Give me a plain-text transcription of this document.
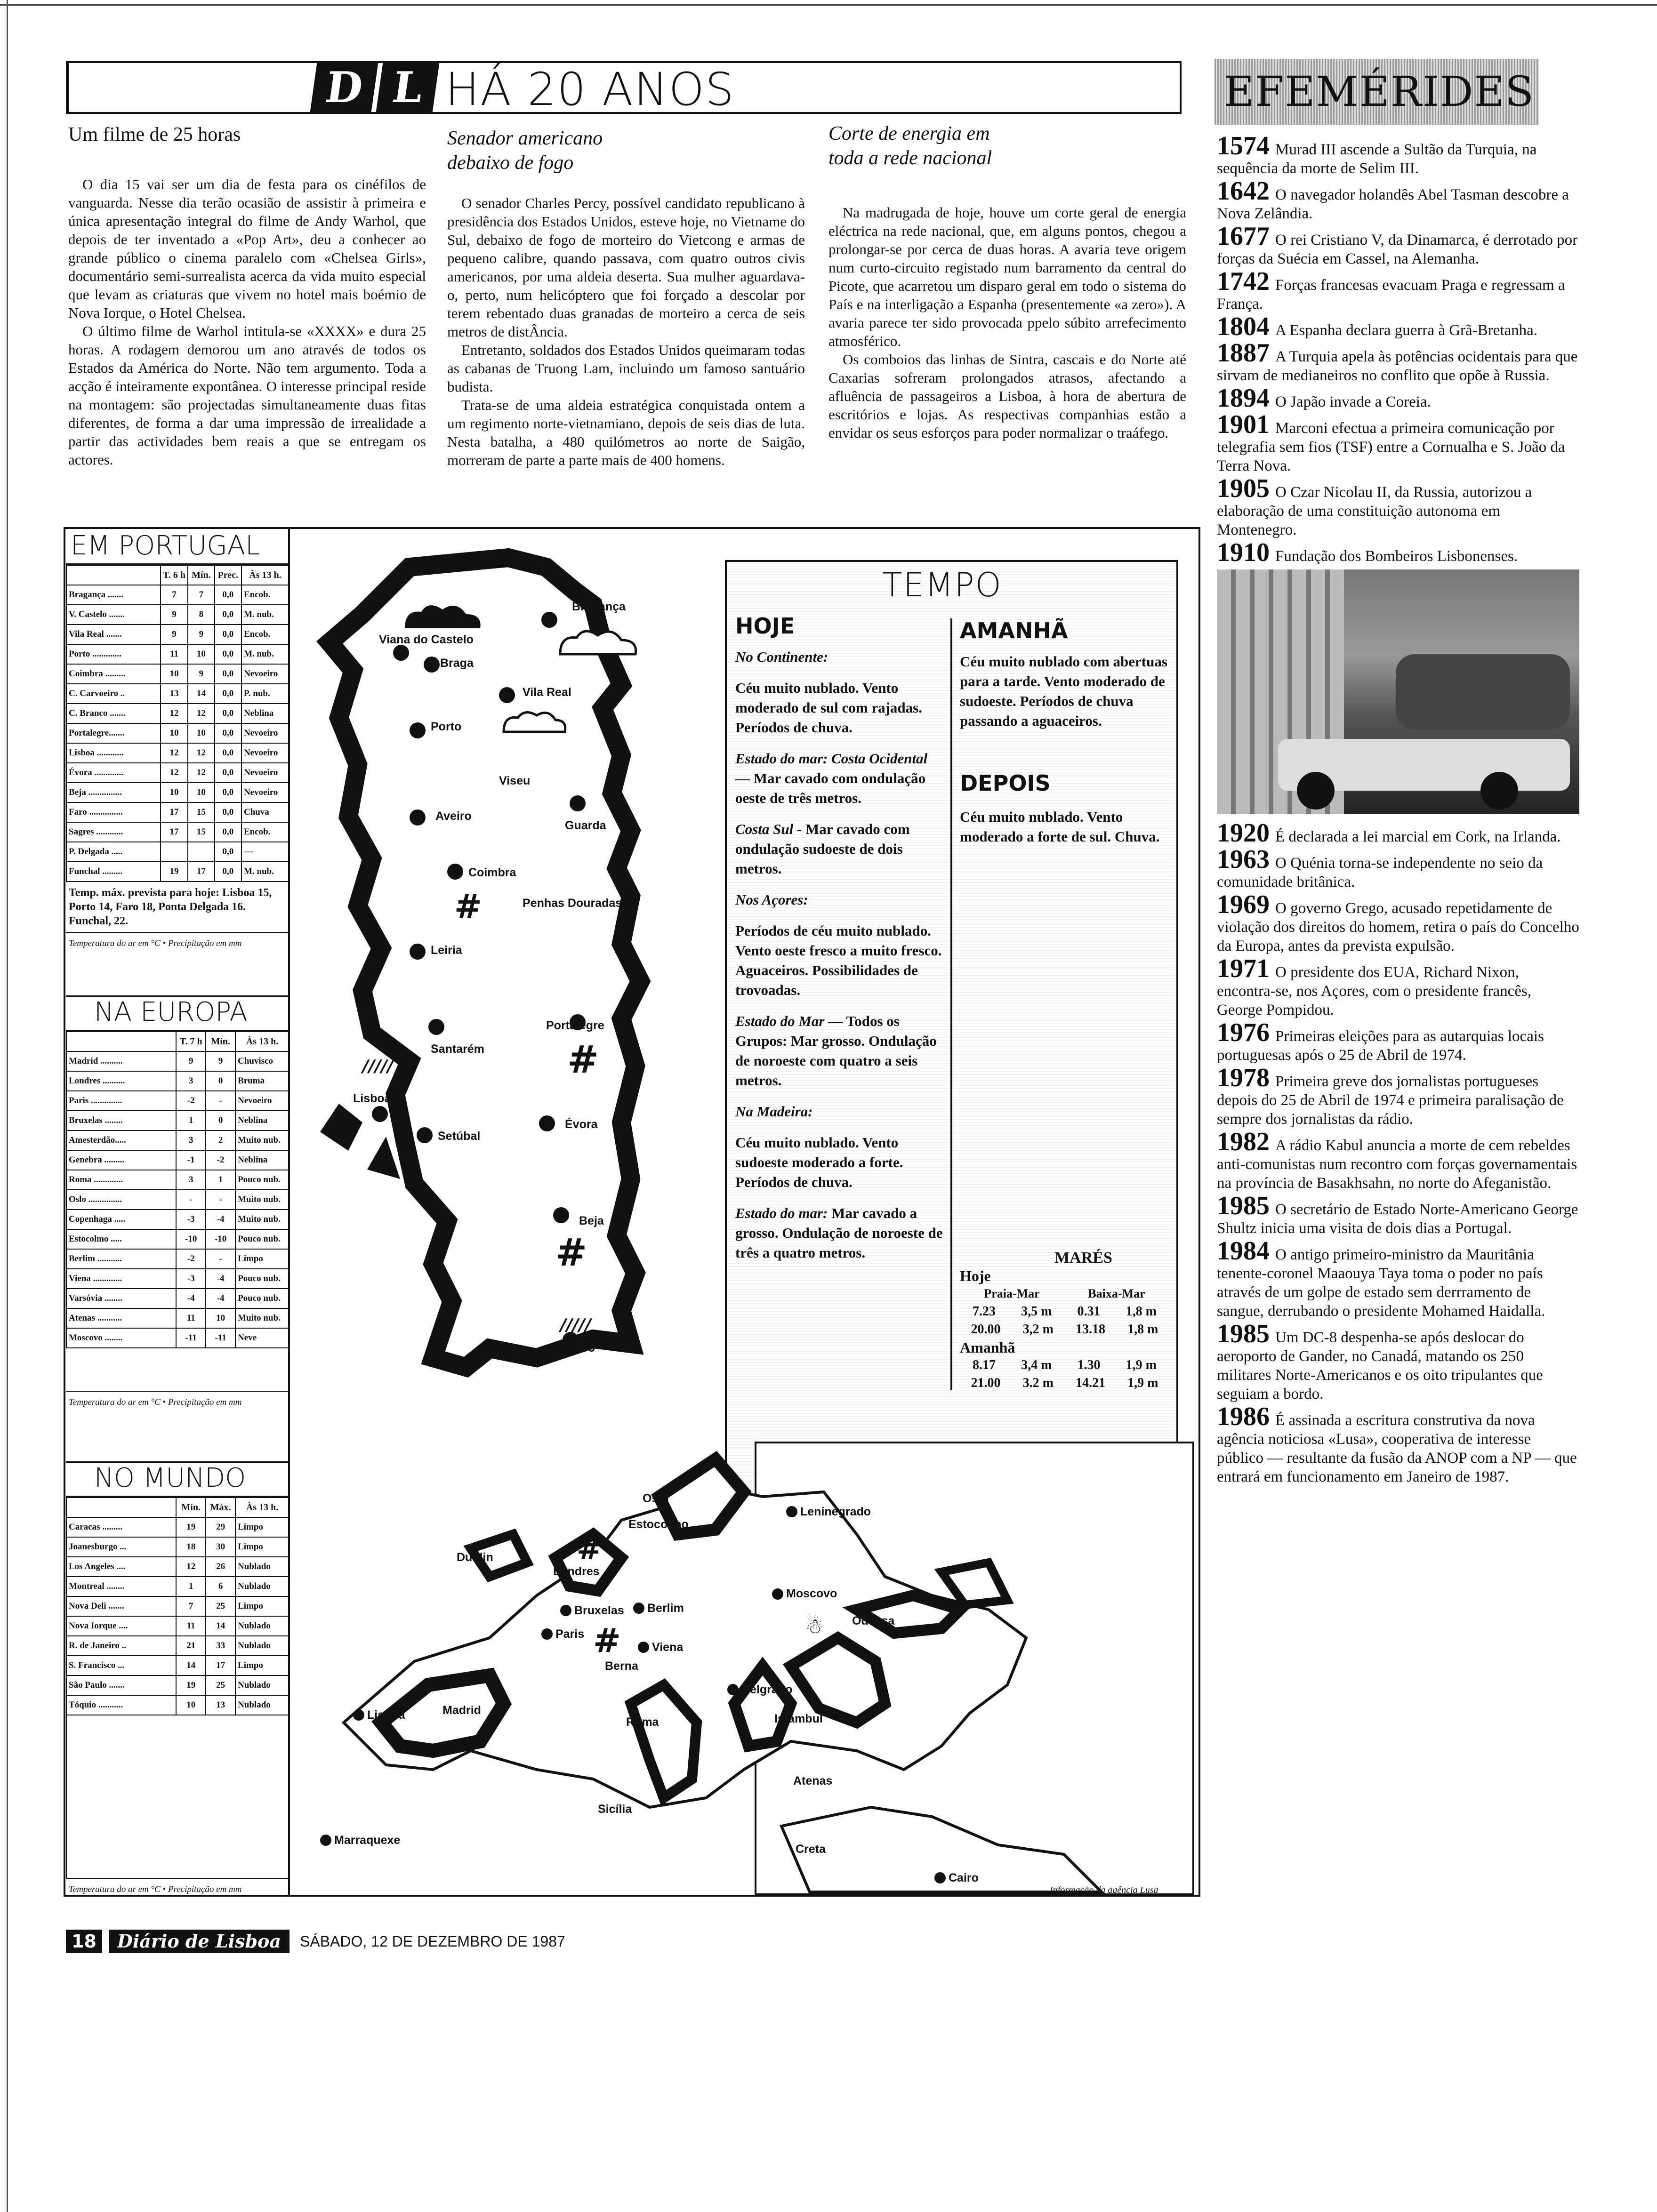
D L HÁ 20 ANOS	EFEMÉRIDES
Um filme de 25 horas

O dia 15 vai ser um dia de festa para os cinéfilos de vanguarda. Nesse dia terão ocasião de assistir à primeira e única apresentação integral do filme de Andy Warhol, que depois de ter inventado a «Pop Art», deu a conhecer ao grande público o cinema paralelo com «Chelsea Girls», documentário semi-surrealista acerca da vida muito especial que levam as criaturas que vivem no hotel mais boémio de Nova Iorque, o Hotel Chelsea.

O último filme de Warhol intitula-se «XXXX» e dura 25 horas. A rodagem demorou um ano através de todos os Estados da América do Norte. Não tem argumento. Toda a acção é inteiramente expontânea. O interesse principal reside na montagem: são projectadas simultaneamente duas fitas diferentes, de forma a dar uma impressão de irrealidade a partir das actividades bem reais a que se entregam os actores.

Senador americano debaixo de fogo

O senador Charles Percy, possível candidato republicano à presidência dos Estados Unidos, esteve hoje, no Vietname do Sul, debaixo de fogo de morteiro do Vietcong e armas de pequeno calibre, quando passava, com quatro outros civis americanos, por uma aldeia deserta. Sua mulher aguardava-o, perto, num helicóptero que foi forçado a descolar por terem rebentado duas granadas de morteiro a cerca de seis metros de distÂncia.

Entretanto, soldados dos Estados Unidos queimaram todas as cabanas de Truong Lam, incluindo um famoso santuário budista.

Trata-se de uma aldeia estratégica conquistada ontem a um regimento norte-vietnamiano, depois de seis dias de luta. Nesta batalha, a 480 quilómetros ao norte de Saigão, morreram de parte a parte mais de 400 homens.

Corte de energia em toda a rede nacional

Na madrugada de hoje, houve um corte geral de energia eléctrica na rede nacional, que, em alguns pontos, chegou a prolongar-se por cerca de duas horas. A avaria teve origem num curto-circuito registado num barramento da central do Picote, que acarretou um disparo geral em todo o sistema do País e na interligação a Espanha (presentemente «a zero»). A avaria parece ter sido provocada ppelo súbito arrefecimento atmosférico.

Os comboios das linhas de Sintra, cascais e do Norte até Caxarias sofreram prolongados atrasos, afectando a afluência de passageiros a Lisboa, à hora de abertura de escritórios e lojas. As respectivas companhias estão a envidar os seus esforços para poder normalizar o traáfego.

EM PORTUGAL
	T. 6 h	Mín.	Prec.	Às 13 h.
Bragança .......	7	7	0,0	Encob.
V. Castelo .......	9	8	0,0	M. nub.
Vila Real .......	9	9	0,0	Encob.
Porto .............	11	10	0,0	M. nub.
Coimbra .........	10	9	0,0	Nevoeiro
C. Carvoeiro ..	13	14	0,0	P. nub.
C. Branco .......	12	12	0,0	Neblina
Portalegre.......	10	10	0,0	Nevoeiro
Lisboa ............	12	12	0,0	Nevoeiro
Évora .............	12	12	0,0	Nevoeiro
Beja ...............	10	10	0,0	Nevoeiro
Faro ...............	17	15	0,0	Chuva
Sagres ............	17	15	0,0	Encob.
P. Delgada .....			0,0	—
Funchal .........	19	17	0,0	M. nub.
Temp. máx. prevista para hoje: Lisboa 15, Porto 14, Faro 18, Ponta Delgada 16. Funchal, 22.
Temperatura do ar em °C • Precipitação em mm
NA EUROPA
	T. 7 h	Mín.	Às 13 h.
Madrid ..........	9	9	Chuvisco
Londres ..........	3	0	Bruma
Paris ..............	-2	-	Nevoeiro
Bruxelas ........	1	0	Neblina
Amesterdão.....	3	2	Muito nub.
Genebra .........	-1	-2	Neblina
Roma .............	3	1	Pouco nub.
Oslo ...............	-	-	Muito nub.
Copenhaga .....	-3	-4	Muito nub.
Estocolmo .....	-10	-10	Pouco nub.
Berlim ...........	-2	-	Limpo
Viena .............	-3	-4	Pouco nub.
Varsóvia ........	-4	-4	Pouco nub.
Atenas ...........	11	10	Muito nub.
Moscovo ........	-11	-11	Neve
Temperatura do ar em °C • Precipitação em mm
NO MUNDO
	Mín.	Máx.	Às 13 h.
Caracas .........	19	29	Limpo
Joanesburgo ...	18	30	Limpo
Los Angeles ....	12	26	Nublado
Montreal ........	1	6	Nublado
Nova Deli .......	7	25	Limpo
Nova Iorque ....	11	14	Nublado
R. de Janeiro ..	21	33	Nublado
S. Francisco ...	14	17	Limpo
São Paulo .......	19	25	Nublado
Tóquio ...........	10	13	Nublado
Temperatura do ar em °C • Precipitação em mm
Viana do Castelo
Bragança
Braga
Vila Real
Porto
Viseu
Aveiro
Guarda
Coimbra
Penhas Douradas
Leiria
Portalegre
Santarém
Lisboa
Setúbal
Évora
Beja
Faro
#
#
#
/////
/////
TEMPO
HOJE

No Continente:

Céu muito nublado. Vento moderado de sul com rajadas. Períodos de chuva.

Estado do mar: Costa Ocidental — Mar cavado com ondulação oeste de três metros.

Costa Sul - Mar cavado com ondulação sudoeste de dois metros.

Nos Açores:

Períodos de céu muito nublado. Vento oeste fresco a muito fresco. Aguaceiros. Possibilidades de trovoadas.

Estado do Mar — Todos os Grupos: Mar grosso. Ondulação de noroeste com quatro a seis metros.

Na Madeira:

Céu muito nublado. Vento sudoeste moderado a forte. Períodos de chuva.

Estado do mar: Mar cavado a grosso. Ondulação de noroeste de três a quatro metros.

AMANHÃ

Céu muito nublado com abertuas para a tarde. Vento moderado de sudoeste. Períodos de chuva passando a aguaceiros.

DEPOIS

Céu muito nublado. Vento moderado a forte de sul. Chuva.

MARÉS
Hoje
Praia-Mar	Baixa-Mar
7.23 3,5 m 0.31 1,8 m
20.00 3,2 m 13.18 1,8 m
Amanhã
8.17 3,4 m 1.30 1,9 m
21.00 3.2 m 14.21 1,9 m
Oslo
Leninegrado
Estocolmo
Dublin
Londres
Moscovo
Bruxelas Berlim
Paris
Viena
Odessa
Berna
Belgrado
Lisboa	Madrid
Roma	Istambul
Atenas
Sicília
Creta
Marraquexe
Cairo
#
#	☃
Informação da agência Lusa

1574 Murad III ascende a Sultão da Turquia, na sequência da morte de Selim III.

1642 O navegador holandês Abel Tasman descobre a Nova Zelândia.

1677 O rei Cristiano V, da Dinamarca, é derrotado por forças da Suécia em Cassel, na Alemanha.

1742 Forças francesas evacuam Praga e regressam a França.

1804 A Espanha declara guerra à Grã-Bretanha.

1887 A Turquia apela às potências ocidentais para que sirvam de medianeiros no conflito que opõe à Russia.

1894 O Japão invade a Coreia.

1901 Marconi efectua a primeira comunicação por telegrafia sem fios (TSF) entre a Cornualha e S. João da Terra Nova.

1905 O Czar Nicolau II, da Russia, autorizou a elaboração de uma constituição autonoma em Montenegro.

1910 Fundação dos Bombeiros Lisbonenses.

1920 É declarada a lei marcial em Cork, na Irlanda.

1963 O Quénia torna-se independente no seio da comunidade britânica.

1969 O governo Grego, acusado repetidamente de violação dos direitos do homem, retira o país do Concelho da Europa, antes da prevista expulsão.

1971 O presidente dos EUA, Richard Nixon, encontra-se, nos Açores, com o presidente francês, George Pompidou.

1976 Primeiras eleições para as autarquias locais portuguesas após o 25 de Abril de 1974.

1978 Primeira greve dos jornalistas portugueses depois do 25 de Abril de 1974 e primeira paralisação de sempre dos jornalistas da rádio.

1982 A rádio Kabul anuncia a morte de cem rebeldes anti-comunistas num recontro com forças governamentais na província de Basakhsahn, no norte do Afeganistão.

1985 O secretário de Estado Norte-Americano George Shultz inicia uma visita de dois dias a Portugal.

1984 O antigo primeiro-ministro da Mauritânia tenente-coronel Maaouya Taya toma o poder no país através de um golpe de estado sem derrramento de sangue, derrubando o presidente Mohamed Haidalla.

1985 Um DC-8 despenha-se após deslocar do aeroporto de Gander, no Canadá, matando os 250 militares Norte-Americanos e os oito tripulantes que seguiam a bordo.

1986 É assinada a escritura construtiva da nova agência noticiosa «Lusa», cooperativa de interesse público — resultante da fusão da ANOP com a NP — que entrará em funcionamento em Janeiro de 1987.

18	Diário de Lisboa	SÁBADO, 12 DE DEZEMBRO DE 1987
